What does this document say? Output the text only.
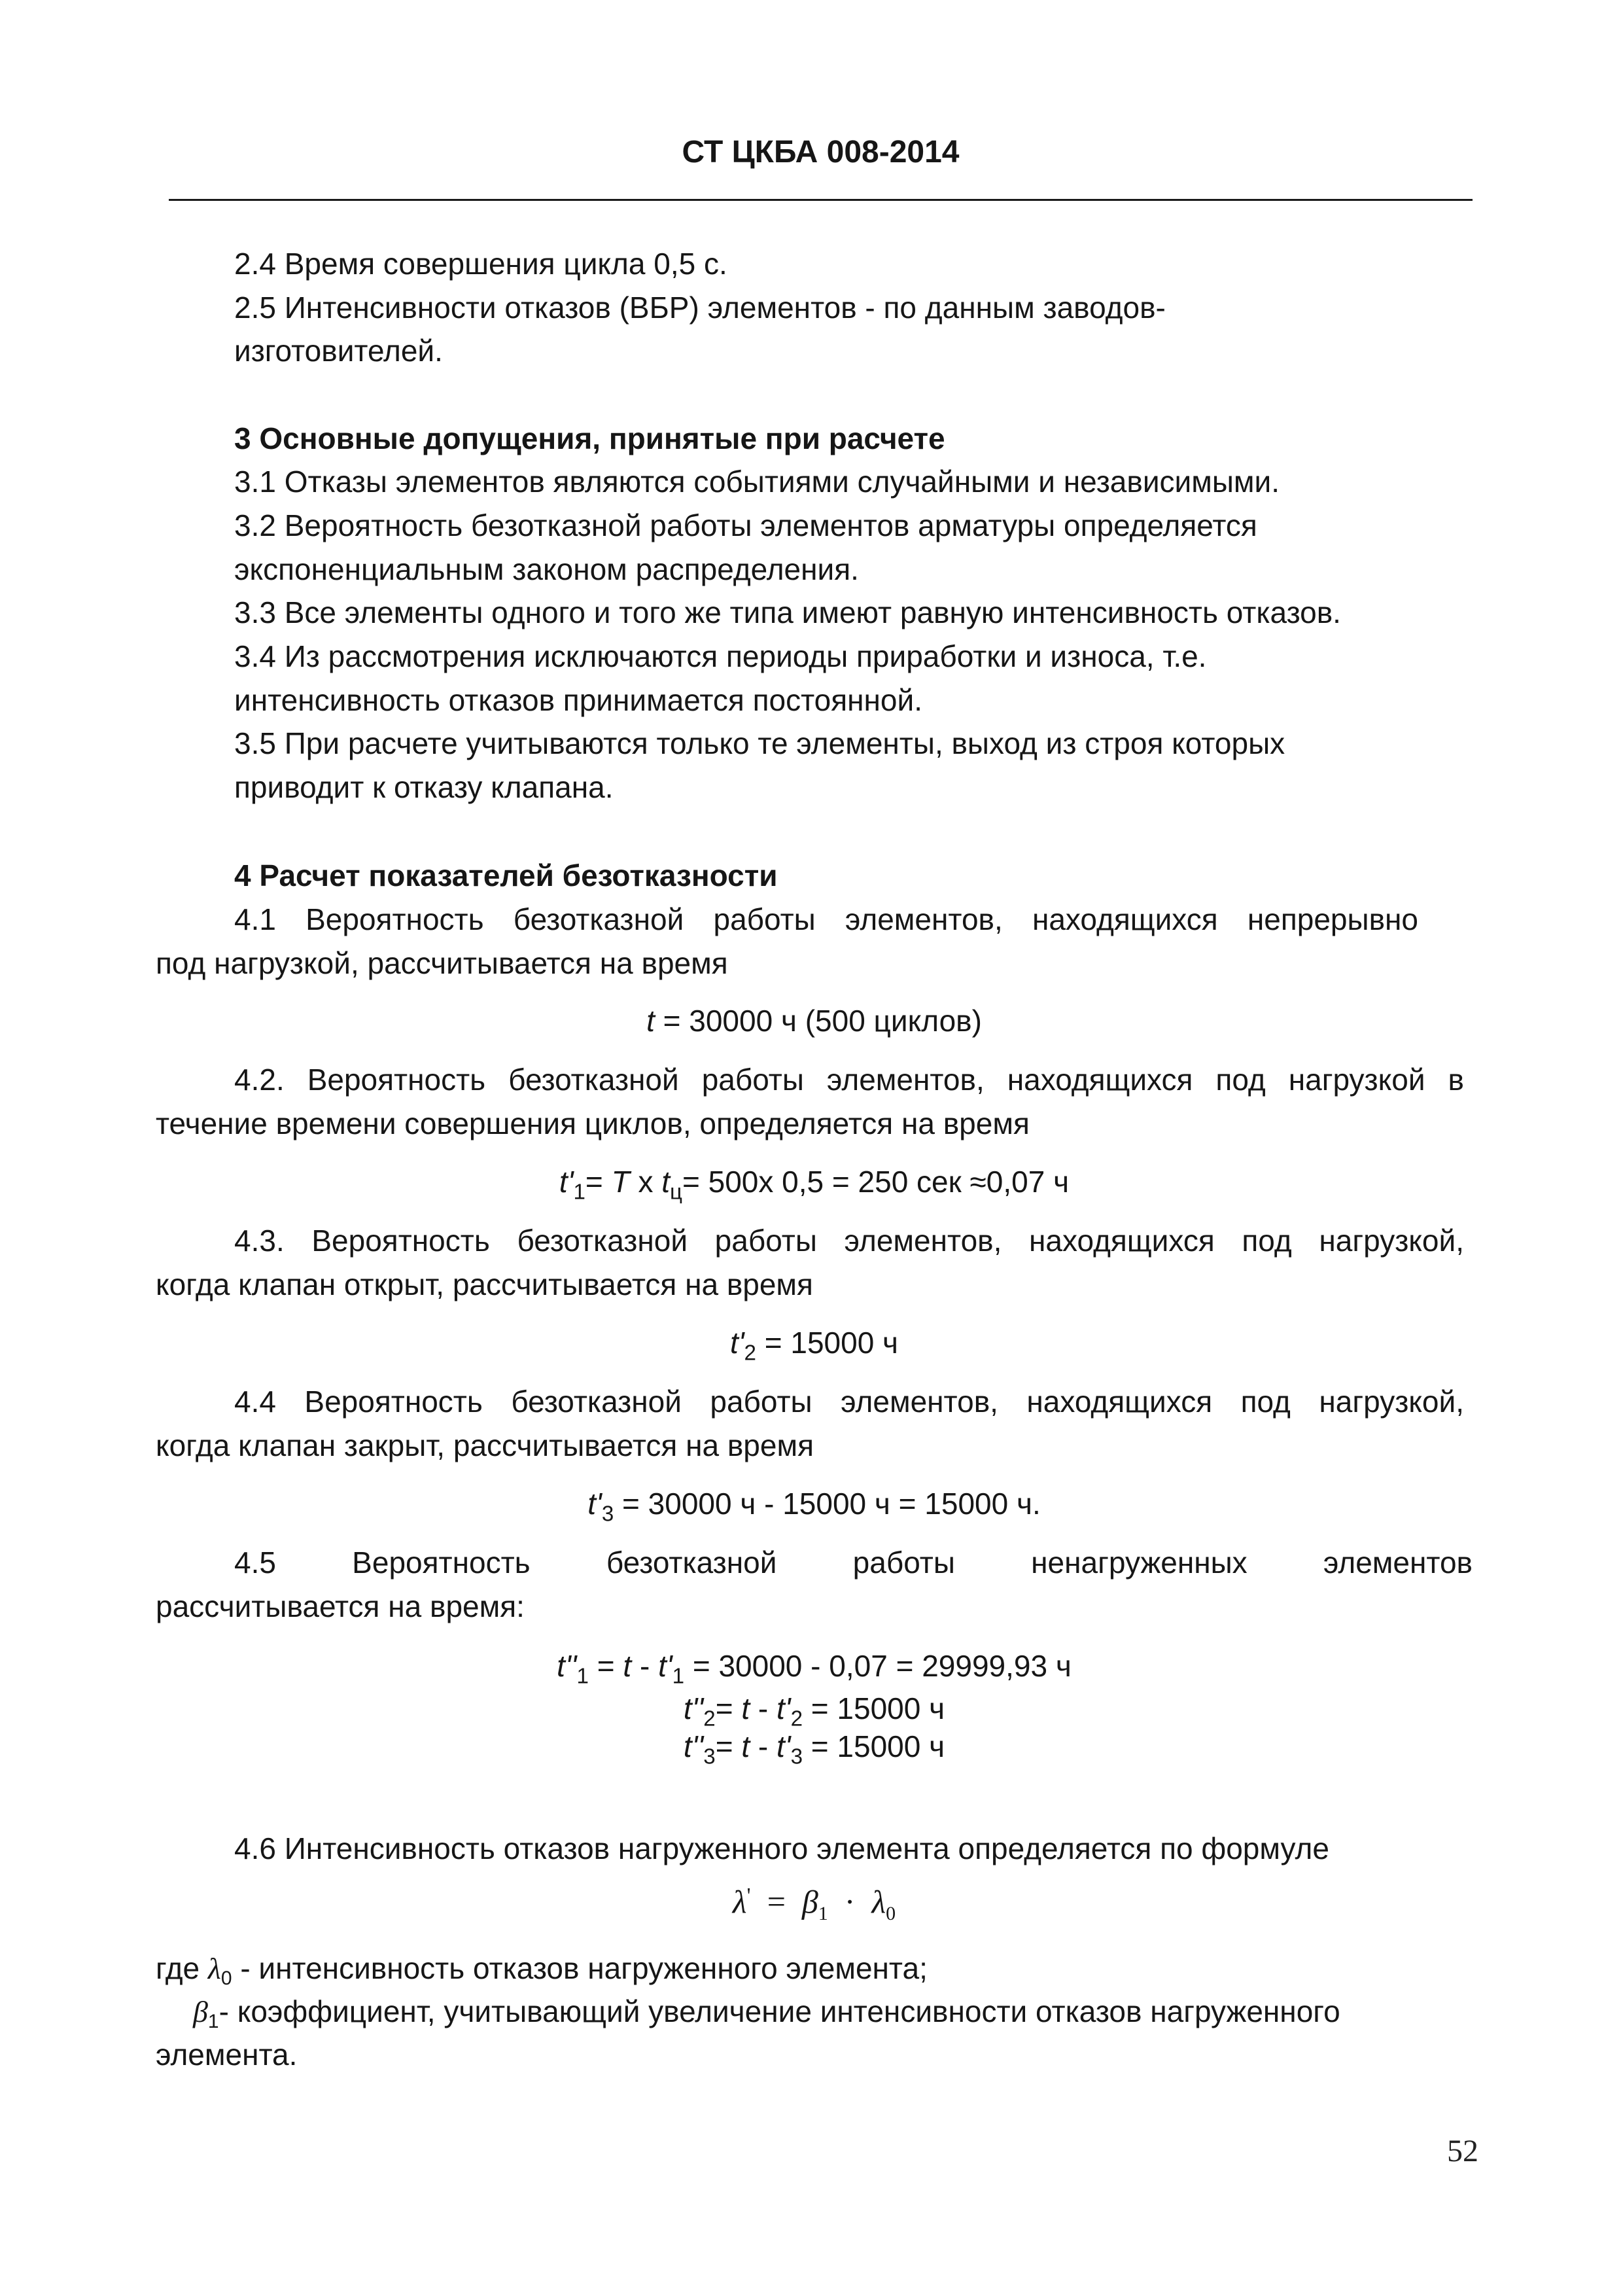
СТ ЦКБА 008-2014
2.4 Время совершения цикла 0,5 с.
2.5 Интенсивности отказов (ВБР) элементов - по данным заводов-
изготовителей.
3 Основные допущения, принятые при расчете
3.1 Отказы элементов являются событиями случайными и независимыми.
3.2 Вероятность безотказной работы элементов арматуры определяется
экспоненциальным законом распределения.
3.3 Все элементы одного и того же типа имеют равную интенсивность отказов.
3.4 Из рассмотрения исключаются периоды приработки и износа, т.е.
интенсивность отказов принимается постоянной.
3.5 При расчете учитываются только те элементы, выход из строя которых
приводит к отказу клапана.
4 Расчет показателей безотказности
4.1 Вероятность безотказной работы элементов, находящихся непрерывно
под нагрузкой, рассчитывается на время
t = 30000 ч (500 циклов)
4.2. Вероятность безотказной работы элементов, находящихся под нагрузкой в
течение времени совершения циклов, определяется на время
$t'_1= T$ x $t_ц= 500х$ 0,5 = 250 сек ≈0,07 ч
4.3. Вероятность безотказной работы элементов, находящихся под нагрузкой,
когда клапан открыт, рассчитывается на время
$t'_2 = 15000$ ч
4.4 Вероятность безотказной работы элементов, находящихся под нагрузкой,
когда клапан закрыт, рассчитывается на время
$t'_3 = 30000$ ч - 15000 ч = 15000 ч.
4.5 Вероятность безотказной работы ненагруженных элементов
рассчитывается на время:
$t''_1 = t - t'_1 = 30000 - 0,07 = 29999,93$ ч
$t''_2= t - t'_2 = 15000$ ч
$t''_3= t - t'_3 = 15000$ ч
4.6 Интенсивность отказов нагруженного элемента определяется по формуле
$\lambda' = \beta_1 \cdot \lambda_0$
где λ0 - интенсивность отказов нагруженного элемента;
β1- коэффициент, учитывающий увеличение интенсивности отказов нагруженного
элемента.
52
